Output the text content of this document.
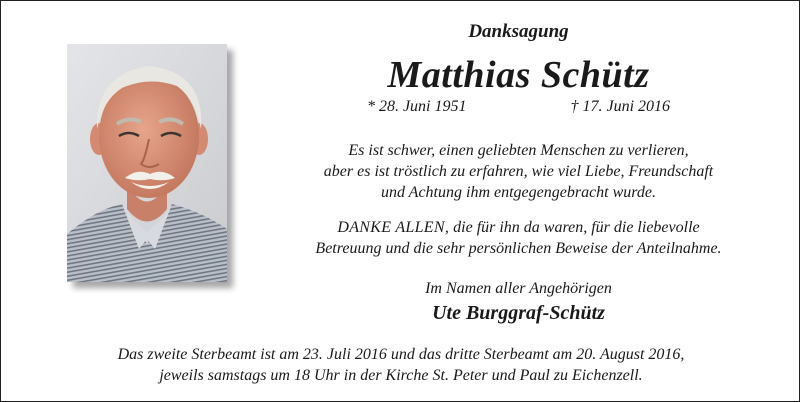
Danksagung
Matthias Schütz
* 28. Juni 1951	† 17. Juni 2016
Es ist schwer, einen geliebten Menschen zu verlieren,
aber es ist tröstlich zu erfahren, wie viel Liebe, Freundschaft
und Achtung ihm entgegengebracht wurde.
DANKE ALLEN, die für ihn da waren, für die liebevolle
Betreuung und die sehr persönlichen Beweise der Anteilnahme.
Im Namen aller Angehörigen
Ute Burggraf-Schütz
Das zweite Sterbeamt ist am 23. Juli 2016 und das dritte Sterbeamt am 20. August 2016,
jeweils samstags um 18 Uhr in der Kirche St. Peter und Paul zu Eichenzell.
